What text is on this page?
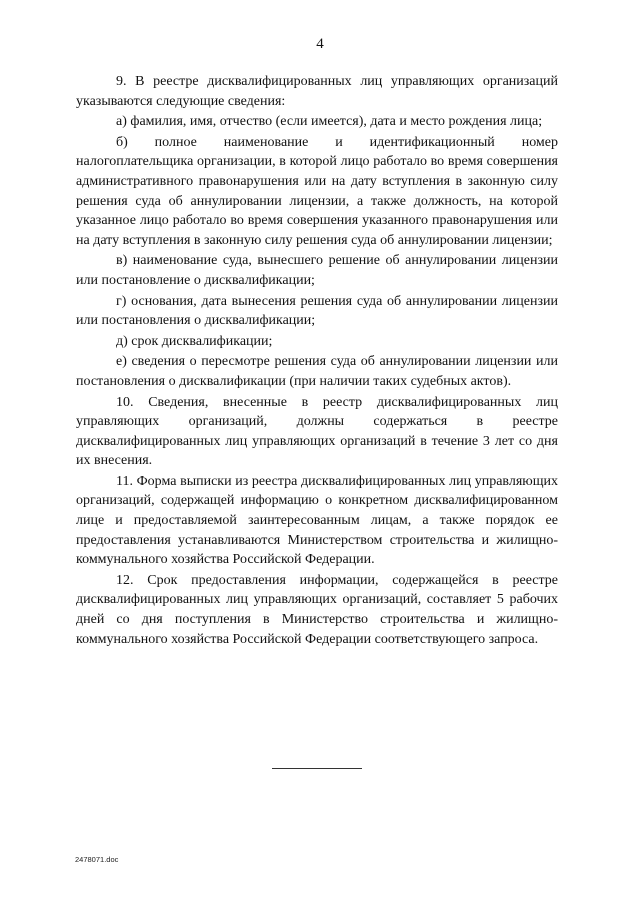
4

9. В реестре дисквалифицированных лиц управляющих организаций указываются следующие сведения:

а) фамилия, имя, отчество (если имеется), дата и место рождения лица;

б) полное наименование и идентификационный номер налогоплательщика организации, в которой лицо работало во время совершения административного правонарушения или на дату вступления в законную силу решения суда об аннулировании лицензии, а также должность, на которой указанное лицо работало во время совершения указанного правонарушения или на дату вступления в законную силу решения суда об аннулировании лицензии;

в) наименование суда, вынесшего решение об аннулировании лицензии или постановление о дисквалификации;

г) основания, дата вынесения решения суда об аннулировании лицензии или постановления о дисквалификации;

д) срок дисквалификации;

е) сведения о пересмотре решения суда об аннулировании лицензии или постановления о дисквалификации (при наличии таких судебных актов).

10. Сведения, внесенные в реестр дисквалифицированных лиц управляющих организаций, должны содержаться в реестре дисквалифицированных лиц управляющих организаций в течение 3 лет со дня их внесения.

11. Форма выписки из реестра дисквалифицированных лиц управляющих организаций, содержащей информацию о конкретном дисквалифицированном лице и предоставляемой заинтересованным лицам, а также порядок ее предоставления устанавливаются Министерством строительства и жилищно-коммунального хозяйства Российской Федерации.

12. Срок предоставления информации, содержащейся в реестре дисквалифицированных лиц управляющих организаций, составляет 5 рабочих дней со дня поступления в Министерство строительства и жилищно-коммунального хозяйства Российской Федерации соответствующего запроса.

2478071.doc
